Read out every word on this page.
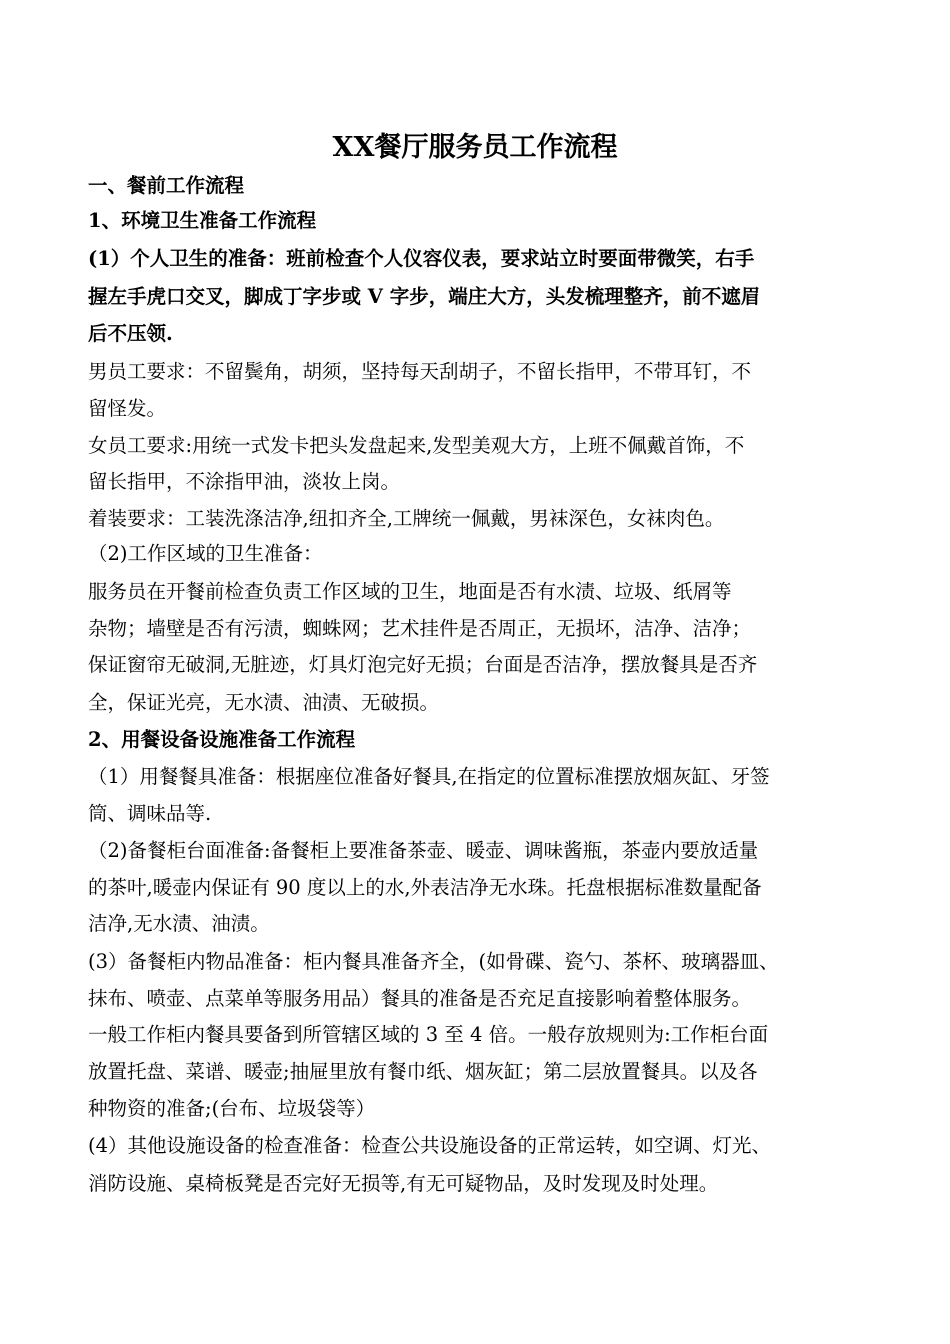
XX餐厅服务员工作流程
一、餐前工作流程
1、环境卫生准备工作流程
(1）个人卫生的准备：班前检查个人仪容仪表，要求站立时要面带微笑，右手
握左手虎口交叉，脚成丁字步或 V 字步，端庄大方，头发梳理整齐，前不遮眉
后不压领.
男员工要求：不留鬓角，胡须，坚持每天刮胡子，不留长指甲，不带耳钉，不
留怪发。
女员工要求:用统一式发卡把头发盘起来,发型美观大方，上班不佩戴首饰，不
留长指甲，不涂指甲油，淡妆上岗。
着装要求：工装洗涤洁净,纽扣齐全,工牌统一佩戴，男袜深色，女袜肉色。
（2)工作区域的卫生准备：
服务员在开餐前检查负责工作区域的卫生，地面是否有水渍、垃圾、纸屑等
杂物；墙壁是否有污渍，蜘蛛网；艺术挂件是否周正，无损坏，洁净、洁净；
保证窗帘无破洞,无脏迹，灯具灯泡完好无损；台面是否洁净，摆放餐具是否齐
全，保证光亮，无水渍、油渍、无破损。
2、用餐设备设施准备工作流程
（1）用餐餐具准备：根据座位准备好餐具,在指定的位置标准摆放烟灰缸、牙签
筒、调味品等.
（2)备餐柜台面准备:备餐柜上要准备茶壶、暖壶、调味酱瓶，茶壶内要放适量
的茶叶,暖壶内保证有 90 度以上的水,外表洁净无水珠。托盘根据标准数量配备
洁净,无水渍、油渍。
(3）备餐柜内物品准备：柜内餐具准备齐全，(如骨碟、瓷勺、茶杯、玻璃器皿、
抹布、喷壶、点菜单等服务用品）餐具的准备是否充足直接影响着整体服务。
一般工作柜内餐具要备到所管辖区域的 3 至 4 倍。一般存放规则为:工作柜台面
放置托盘、菜谱、暖壶;抽屉里放有餐巾纸、烟灰缸；第二层放置餐具。以及各
种物资的准备;(台布、垃圾袋等）
(4）其他设施设备的检查准备：检查公共设施设备的正常运转，如空调、灯光、
消防设施、桌椅板凳是否完好无损等,有无可疑物品，及时发现及时处理。
